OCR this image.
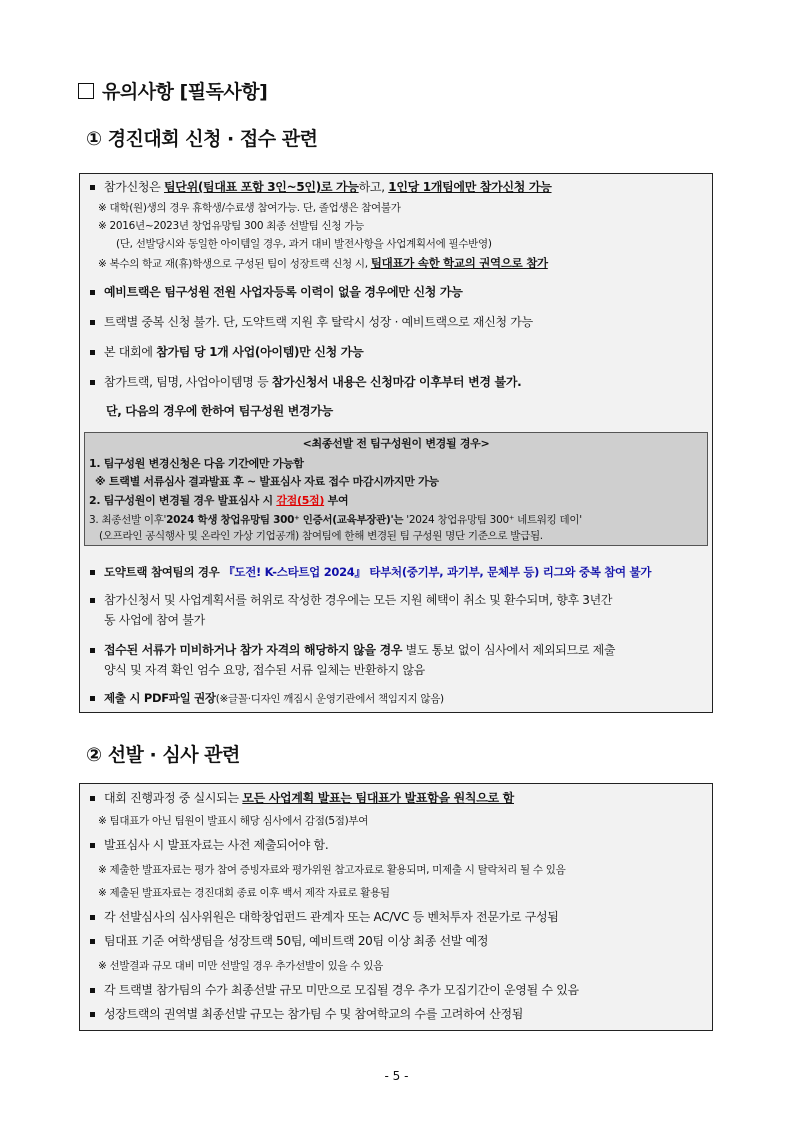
유의사항 [필독사항]
① 경진대회 신청 · 접수 관련
참가신청은 팀단위(팀대표 포함 3인~5인)로 가능하고, 1인당 1개팀에만 참가신청 가능
※ 대학(원)생의 경우 휴학생/수료생 참여가능. 단, 졸업생은 참여불가
※ 2016년~2023년 창업유망팀 300 최종 선발팀 신청 가능
(단, 선발당시와 동일한 아이템일 경우, 과거 대비 발전사항을 사업계획서에 필수반영)
※ 복수의 학교 재(휴)학생으로 구성된 팀이 성장트랙 신청 시, 팀대표가 속한 학교의 권역으로 참가
예비트랙은 팀구성원 전원 사업자등록 이력이 없을 경우에만 신청 가능
트랙별 중복 신청 불가. 단, 도약트랙 지원 후 탈락시 성장 · 예비트랙으로 재신청 가능
본 대회에 참가팀 당 1개 사업(아이템)만 신청 가능
참가트랙, 팀명, 사업아이템명 등 참가신청서 내용은 신청마감 이후부터 변경 불가.
단, 다음의 경우에 한하여 팀구성원 변경가능
<최종선발 전 팀구성원이 변경될 경우>
1. 팀구성원 변경신청은 다음 기간에만 가능함
※ 트랙별 서류심사 결과발표 후 ~ 발표심사 자료 접수 마감시까지만 가능
2. 팀구성원이 변경될 경우 발표심사 시 감점(5점) 부여
3. 최종선발 이후'2024 학생 창업유망팀 300⁺ 인증서(교육부장관)'는 '2024 창업유망팀 300⁺ 네트워킹 데이'
(오프라인 공식행사 및 온라인 가상 기업공개) 참여팀에 한해 변경된 팀 구성원 명단 기준으로 발급됨.
도약트랙 참여팀의 경우 『도전! K-스타트업 2024』 타부처(중기부, 과기부, 문체부 등) 리그와 중복 참여 불가
참가신청서 및 사업계획서를 허위로 작성한 경우에는 모든 지원 혜택이 취소 및 환수되며, 향후 3년간
동 사업에 참여 불가
접수된 서류가 미비하거나 참가 자격의 해당하지 않을 경우 별도 통보 없이 심사에서 제외되므로 제출
양식 및 자격 확인 엄수 요망, 접수된 서류 일체는 반환하지 않음
제출 시 PDF파일 권장(※글꼴·디자인 깨짐시 운영기관에서 책임지지 않음)
② 선발 · 심사 관련
대회 진행과정 중 실시되는 모든 사업계획 발표는 팀대표가 발표함을 원칙으로 함
※ 팀대표가 아닌 팀원이 발표시 해당 심사에서 감점(5점)부여
발표심사 시 발표자료는 사전 제출되어야 함.
※ 제출한 발표자료는 평가 참여 증빙자료와 평가위원 참고자료로 활용되며, 미제출 시 탈락처리 될 수 있음
※ 제출된 발표자료는 경진대회 종료 이후 백서 제작 자료로 활용됨
각 선발심사의 심사위원은 대학창업펀드 관계자 또는 AC/VC 등 벤처투자 전문가로 구성됨
팀대표 기준 여학생팀을 성장트랙 50팀, 예비트랙 20팀 이상 최종 선발 예정
※ 선발결과 규모 대비 미만 선발일 경우 추가선발이 있을 수 있음
각 트랙별 참가팀의 수가 최종선발 규모 미만으로 모집될 경우 추가 모집기간이 운영될 수 있음
성장트랙의 권역별 최종선발 규모는 참가팀 수 및 참여학교의 수를 고려하여 산정됨
- 5 -
